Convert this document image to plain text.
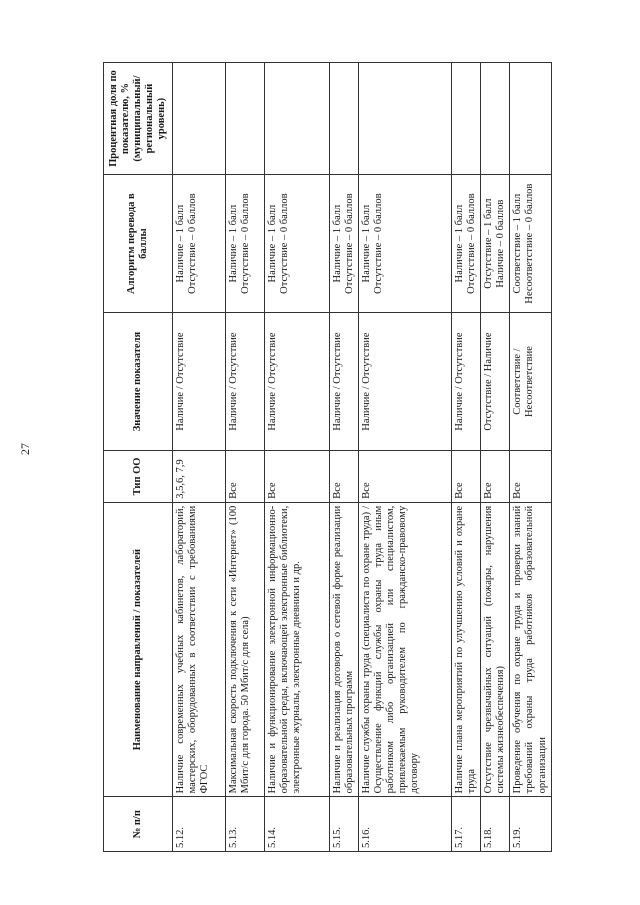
27
№ п/п	Наименование направлений / показателей	Тип ОО	Значение показателя	Алгоритм перевода в баллы	Процентная доля по показателю, % (муниципальный/ региональный уровень)
5.12.	Наличие современных учебных кабинетов, лабораторий, мастерских, оборудованных в соответствии с требованиями ФГОС	3,5,6, 7,9	Наличие / Отсутствие	Наличие – 1 балл Отсутствие – 0 баллов	

5.13.	Максимальная скорость подключения к сети «Интернет» (100 Мбит/с для города. 50 Мбит/с для села)	Все	Наличие / Отсутствие	Наличие – 1 балл Отсутствие – 0 баллов	

5.14.	Наличие и функционирование электронной информационно-образовательной среды, включающей электронные библиотеки, электронные журналы, электронные дневники и др.	Все	Наличие / Отсутствие	Наличие – 1 балл Отсутствие – 0 баллов	

5.15.	Наличие и реализация договоров о сетевой форме реализации образовательных программ	Все	Наличие / Отсутствие	Наличие – 1 балл Отсутствие – 0 баллов	

5.16.	Наличие службы охраны труда (специалиста по охране труда) / Осуществление функций службы охраны труда иным работником либо организацией или специалистом, привлекаемым руководителем по гражданско-правовому договору	Все	Наличие / Отсутствие	Наличие – 1 балл Отсутствие – 0 баллов	

5.17.	Наличие плана мероприятий по улучшению условий и охране труда	Все	Наличие / Отсутствие	Наличие – 1 балл Отсутствие – 0 баллов	

5.18.	Отсутствие чрезвычайных ситуаций (пожары, нарушения системы жизнеобеспечения)	Все	Отсутствие / Наличие	Отсутствие – 1 балл Наличие – 0 баллов	

5.19.	Проведение обучения по охране труда и проверки знаний требований охраны труда работников образовательной организации	Все	Соответствие / Несоответствие	Соответствие – 1 балл Несоответствие – 0 баллов	
